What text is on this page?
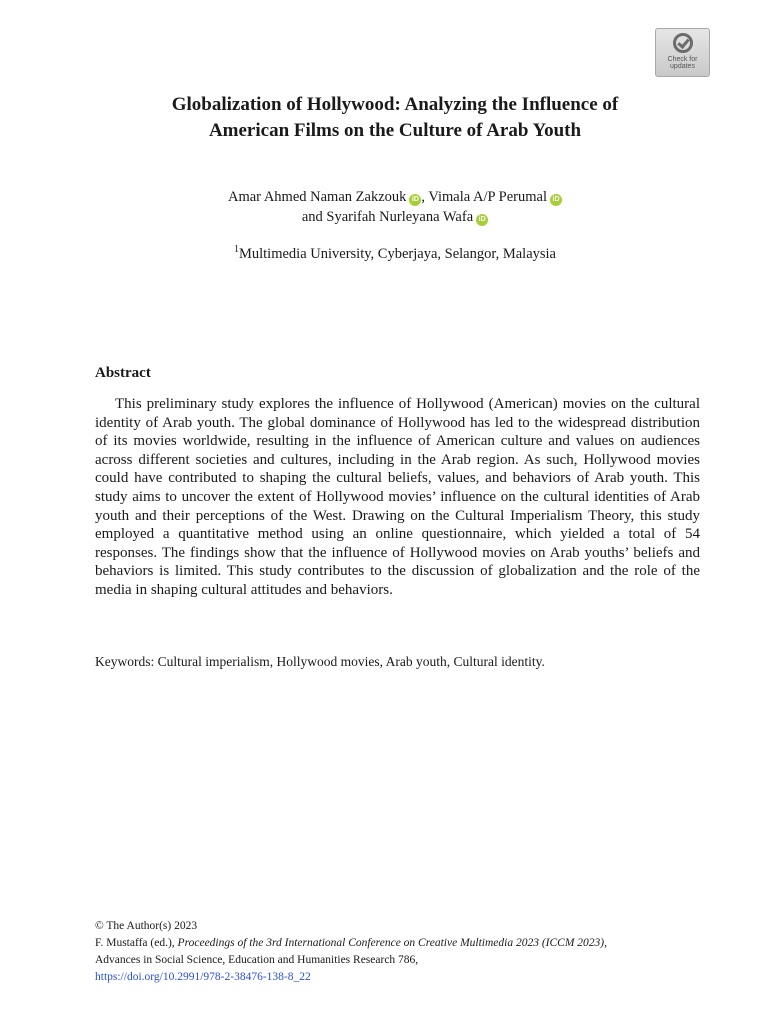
Check for
updates
Globalization of Hollywood: Analyzing the Influence of
American Films on the Culture of Arab Youth
Amar Ahmed Naman Zakzouk iD , Vimala A/P Perumal iD
and Syarifah Nurleyana Wafa iD
$^1$Multimedia University, Cyberjaya, Selangor, Malaysia
Abstract

This preliminary study explores the influence of Hollywood (American) movies on the cultural identity of Arab youth. The global dominance of Hollywood has led to the widespread distribution of its movies worldwide, resulting in the influence of American culture and values on audiences across different societies and cultures, including in the Arab region. As such, Hollywood movies could have contributed to shaping the cultural beliefs, values, and behaviors of Arab youth. This study aims to uncover the extent of Hollywood movies’ influence on the cultural identities of Arab youth and their perceptions of the West. Drawing on the Cultural Imperialism Theory, this study employed a quantitative method using an online questionnaire, which yielded a total of 54 responses. The findings show that the influence of Hollywood movies on Arab youths’ beliefs and behaviors is limited. This study contributes to the discussion of globalization and the role of the media in shaping cultural attitudes and behaviors.

Keywords: Cultural imperialism, Hollywood movies, Arab youth, Cultural identity.
© The Author(s) 2023
F. Mustaffa (ed.), Proceedings of the 3rd International Conference on Creative Multimedia 2023 (ICCM 2023),
Advances in Social Science, Education and Humanities Research 786,
https://doi.org/10.2991/978-2-38476-138-8_22
